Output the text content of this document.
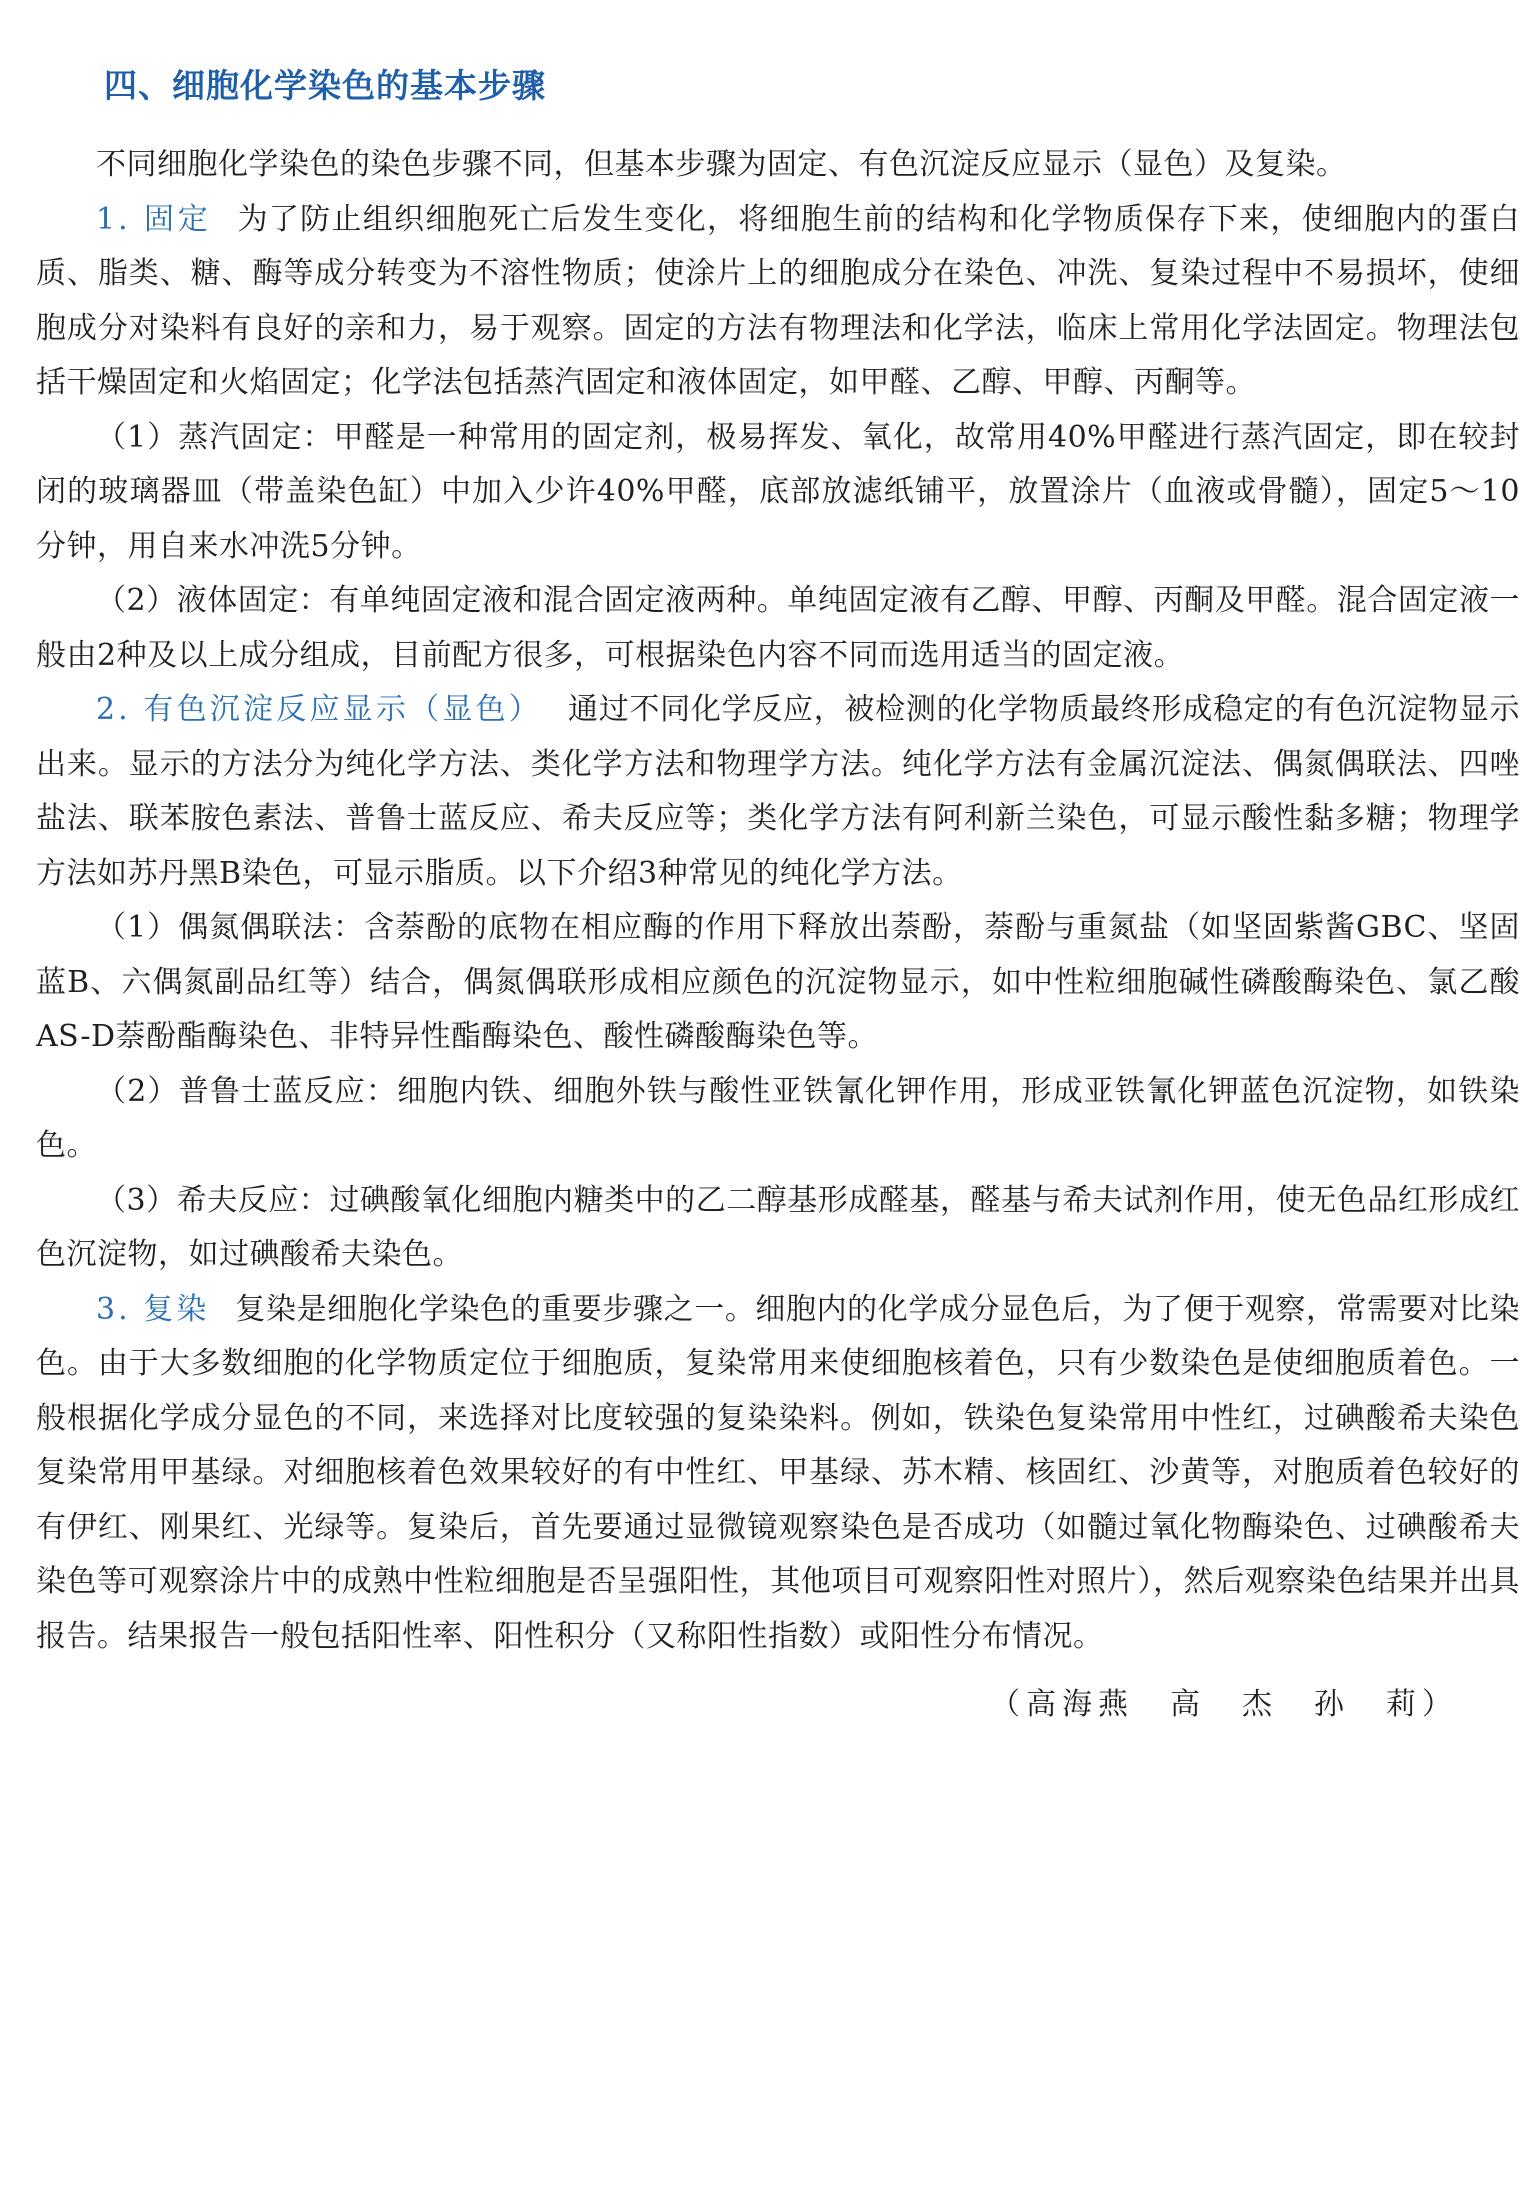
四、细胞化学染色的基本步骤

不同细胞化学染色的染色步骤不同，但基本步骤为固定、有色沉淀反应显示（显色）及复染。

1. 固定 为了防止组织细胞死亡后发生变化，将细胞生前的结构和化学物质保存下来，使细胞内的蛋白质、脂类、糖、酶等成分转变为不溶性物质；使涂片上的细胞成分在染色、冲洗、复染过程中不易损坏，使细胞成分对染料有良好的亲和力，易于观察。固定的方法有物理法和化学法，临床上常用化学法固定。物理法包括干燥固定和火焰固定；化学法包括蒸汽固定和液体固定，如甲醛、乙醇、甲醇、丙酮等。

（1）蒸汽固定：甲醛是一种常用的固定剂，极易挥发、氧化，故常用40%甲醛进行蒸汽固定，即在较封闭的玻璃器皿（带盖染色缸）中加入少许40%甲醛，底部放滤纸铺平，放置涂片（血液或骨髓），固定5～10分钟，用自来水冲洗5分钟。

（2）液体固定：有单纯固定液和混合固定液两种。单纯固定液有乙醇、甲醇、丙酮及甲醛。混合固定液一般由2种及以上成分组成，目前配方很多，可根据染色内容不同而选用适当的固定液。

2. 有色沉淀反应显示（显色） 通过不同化学反应，被检测的化学物质最终形成稳定的有色沉淀物显示出来。显示的方法分为纯化学方法、类化学方法和物理学方法。纯化学方法有金属沉淀法、偶氮偶联法、四唑盐法、联苯胺色素法、普鲁士蓝反应、希夫反应等；类化学方法有阿利新兰染色，可显示酸性黏多糖；物理学方法如苏丹黑B染色，可显示脂质。以下介绍3种常见的纯化学方法。

（1）偶氮偶联法：含萘酚的底物在相应酶的作用下释放出萘酚，萘酚与重氮盐（如坚固紫酱GBC、坚固蓝B、六偶氮副品红等）结合，偶氮偶联形成相应颜色的沉淀物显示，如中性粒细胞碱性磷酸酶染色、氯乙酸AS-D萘酚酯酶染色、非特异性酯酶染色、酸性磷酸酶染色等。

（2）普鲁士蓝反应：细胞内铁、细胞外铁与酸性亚铁氰化钾作用，形成亚铁氰化钾蓝色沉淀物，如铁染色。

（3）希夫反应：过碘酸氧化细胞内糖类中的乙二醇基形成醛基，醛基与希夫试剂作用，使无色品红形成红色沉淀物，如过碘酸希夫染色。

3. 复染 复染是细胞化学染色的重要步骤之一。细胞内的化学成分显色后，为了便于观察，常需要对比染色。由于大多数细胞的化学物质定位于细胞质，复染常用来使细胞核着色，只有少数染色是使细胞质着色。一般根据化学成分显色的不同，来选择对比度较强的复染染料。例如，铁染色复染常用中性红，过碘酸希夫染色复染常用甲基绿。对细胞核着色效果较好的有中性红、甲基绿、苏木精、核固红、沙黄等，对胞质着色较好的有伊红、刚果红、光绿等。复染后，首先要通过显微镜观察染色是否成功（如髓过氧化物酶染色、过碘酸希夫染色等可观察涂片中的成熟中性粒细胞是否呈强阳性，其他项目可观察阳性对照片），然后观察染色结果并出具报告。结果报告一般包括阳性率、阳性积分（又称阳性指数）或阳性分布情况。

（高海燕　高　杰　孙　莉）
